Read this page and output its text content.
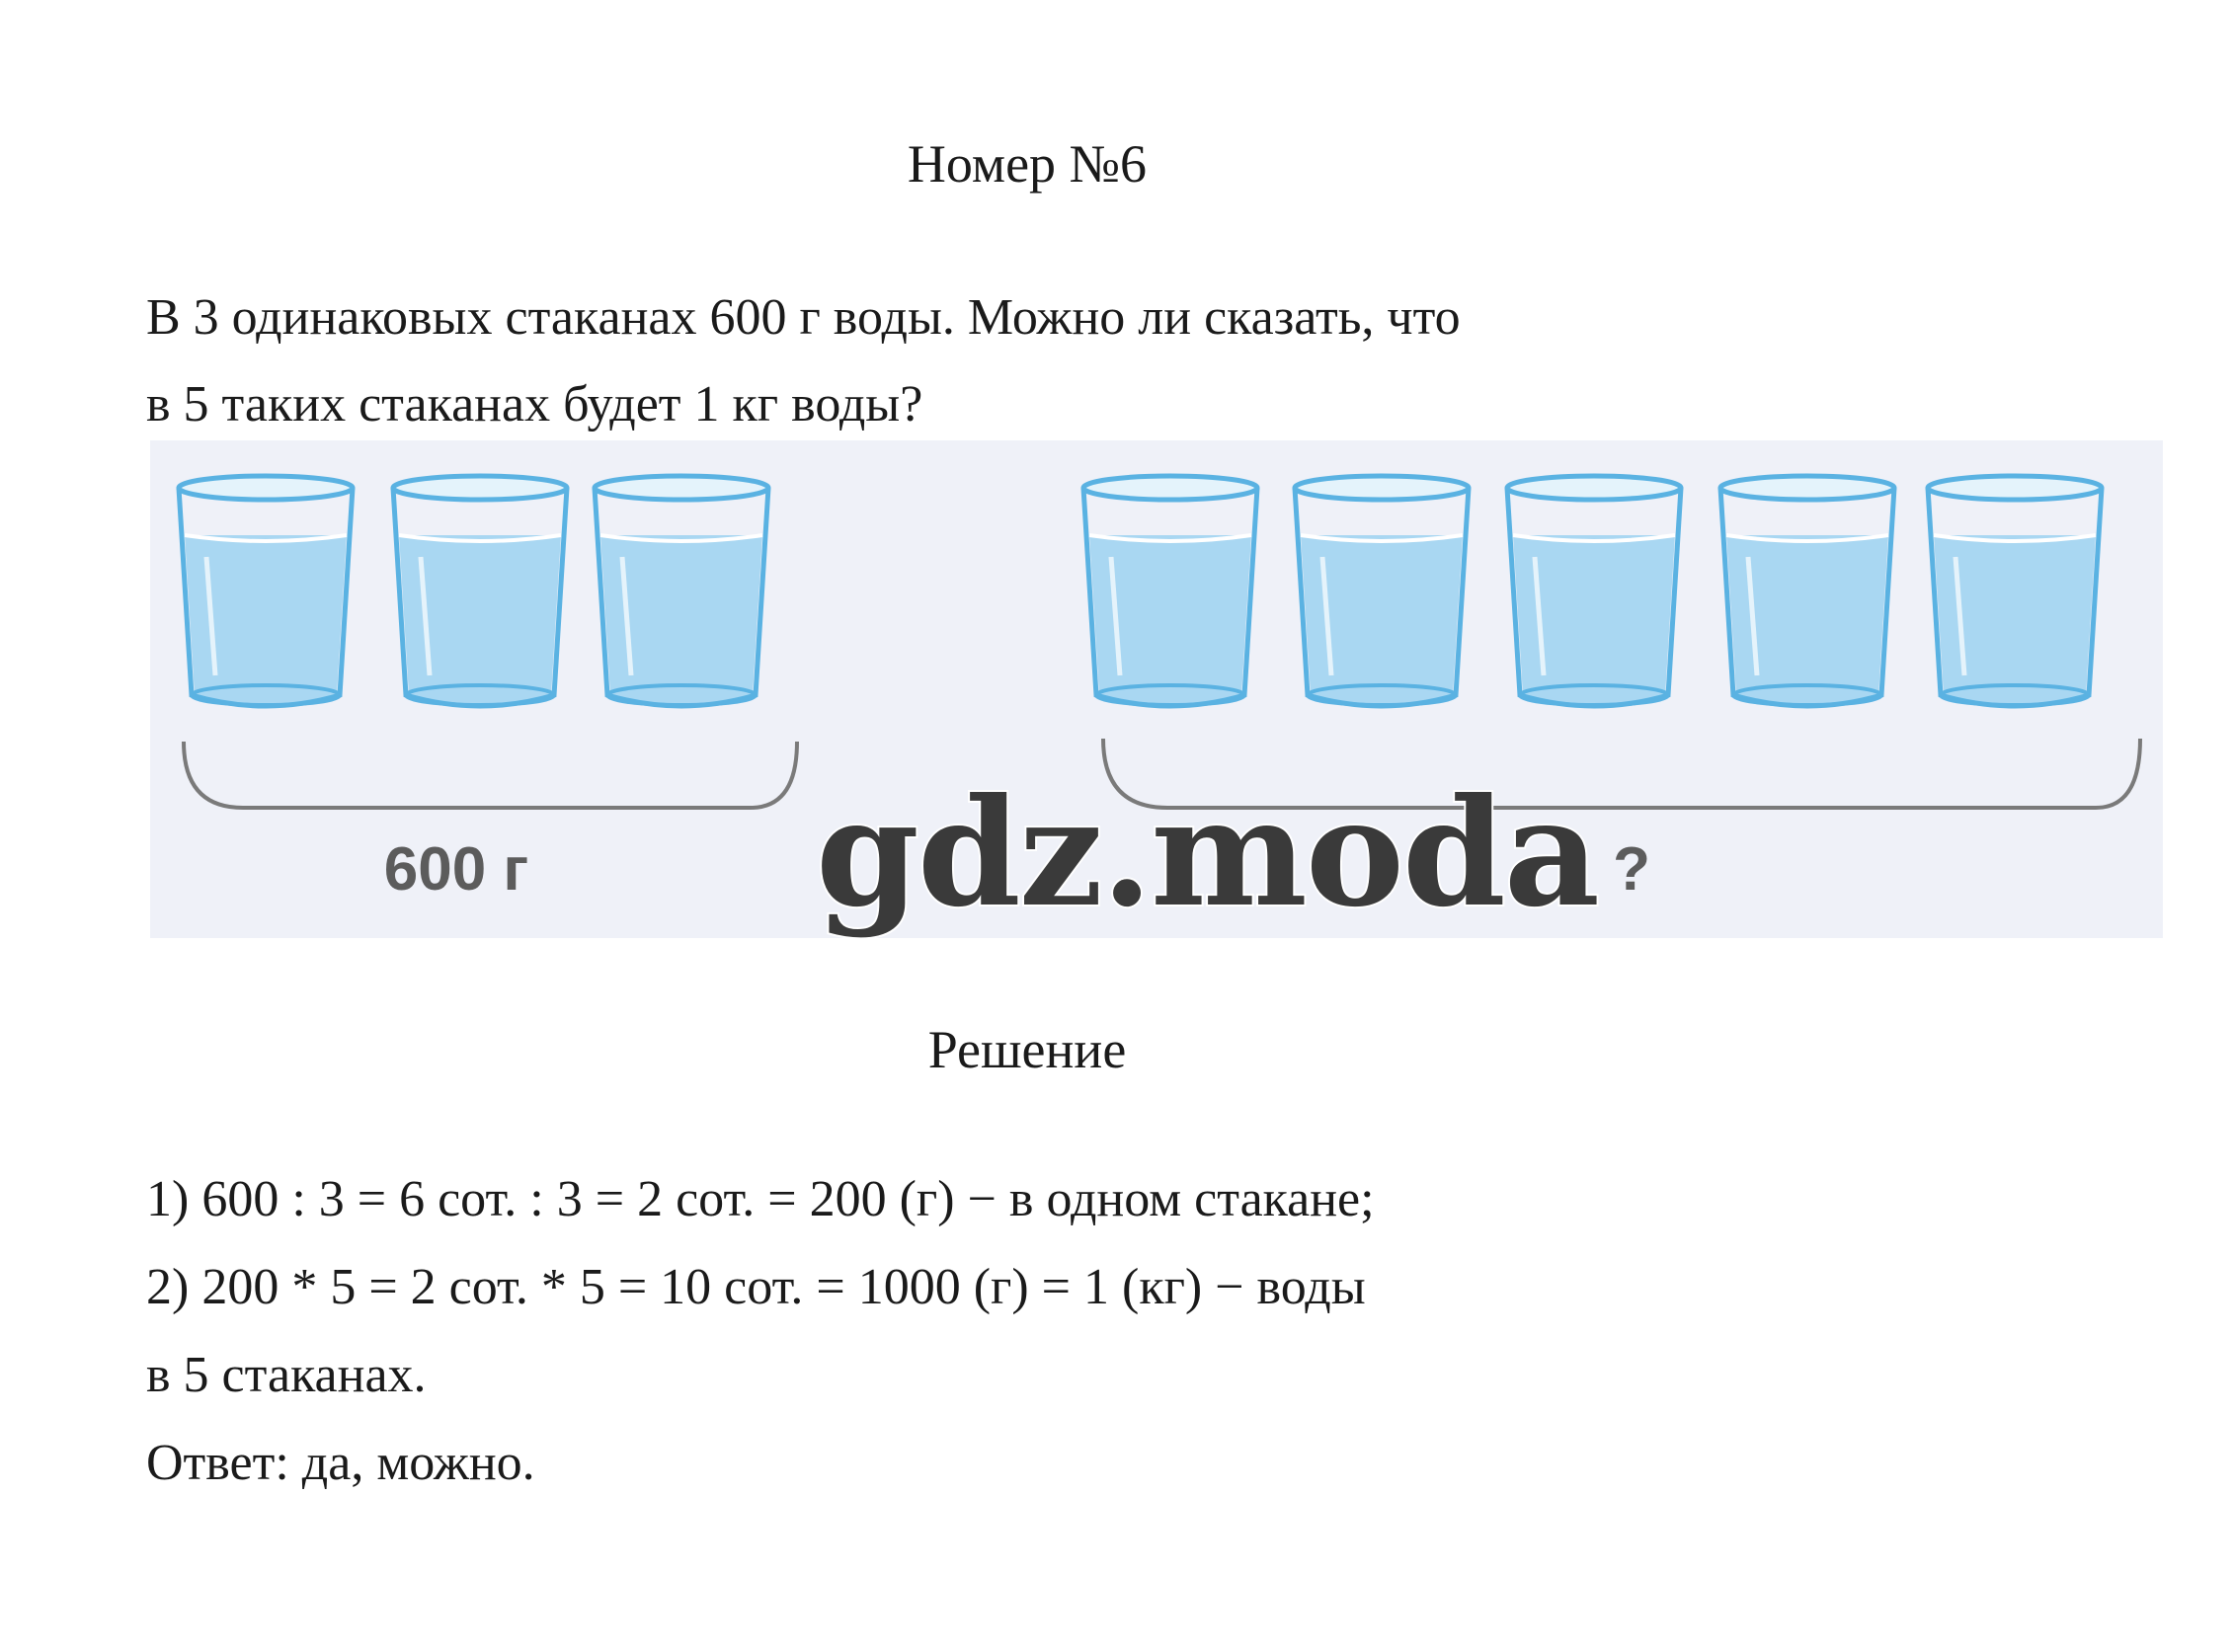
Номер №6
В 3 одинаковых стаканах 600 г воды. Можно ли сказать, что
в 5 таких стаканах будет 1 кг воды?
600 г	?
gdz.moda
Решение
1) 600 : 3 = 6 сот. : 3 = 2 сот. = 200 (г) − в одном стакане;
2) 200 * 5 = 2 сот. * 5 = 10 сот. = 1000 (г) = 1 (кг) − воды
в 5 стаканах.
Ответ: да, можно.
